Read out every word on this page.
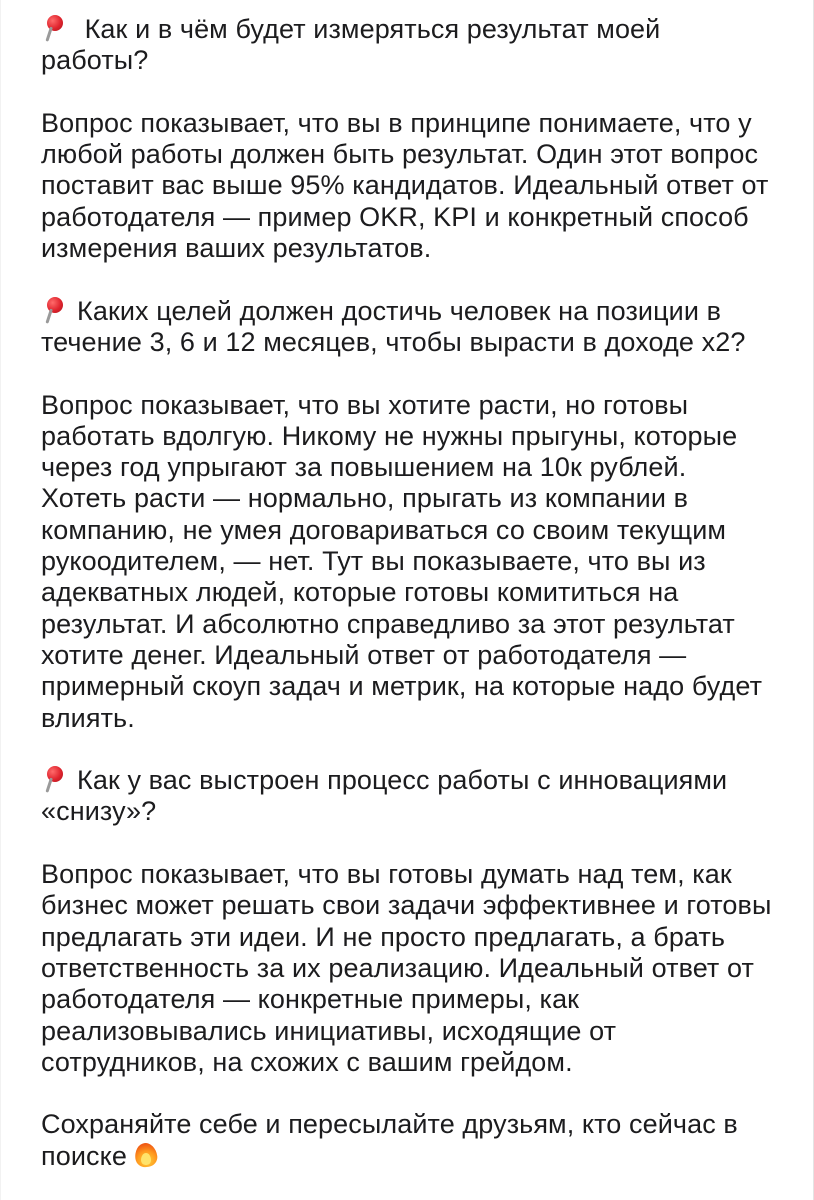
Как и в чём будет измеряться результат моей работы?

Вопрос показывает, что вы в принципе понимаете, что у любой работы должен быть результат. Один этот вопрос поставит вас выше 95% кандидатов. Идеальный ответ от работодателя — пример OKR, KPI и конкретный способ измерения ваших результатов.

Каких целей должен достичь человек на позиции в течение 3, 6 и 12 месяцев, чтобы вырасти в доходе х2?

Вопрос показывает, что вы хотите расти, но готовы работать вдолгую. Никому не нужны прыгуны, которые через год упрыгают за повышением на 10к рублей. Хотеть расти — нормально, прыгать из компании в компанию, не умея договариваться со своим текущим рукоодителем, — нет. Тут вы показываете, что вы из адекватных людей, которые готовы комититься на результат. И абсолютно справедливо за этот результат хотите денег. Идеальный ответ от работодателя — примерный скоуп задач и метрик, на которые надо будет влиять.

Как у вас выстроен процесс работы с инновациями «снизу»?

Вопрос показывает, что вы готовы думать над тем, как бизнес может решать свои задачи эффективнее и готовы предлагать эти идеи. И не просто предлагать, а брать ответственность за их реализацию. Идеальный ответ от работодателя — конкретные примеры, как реализовывались инициативы, исходящие от сотрудников, на схожих с вашим грейдом.

Сохраняйте себе и пересылайте друзьям, кто сейчас в поиске
